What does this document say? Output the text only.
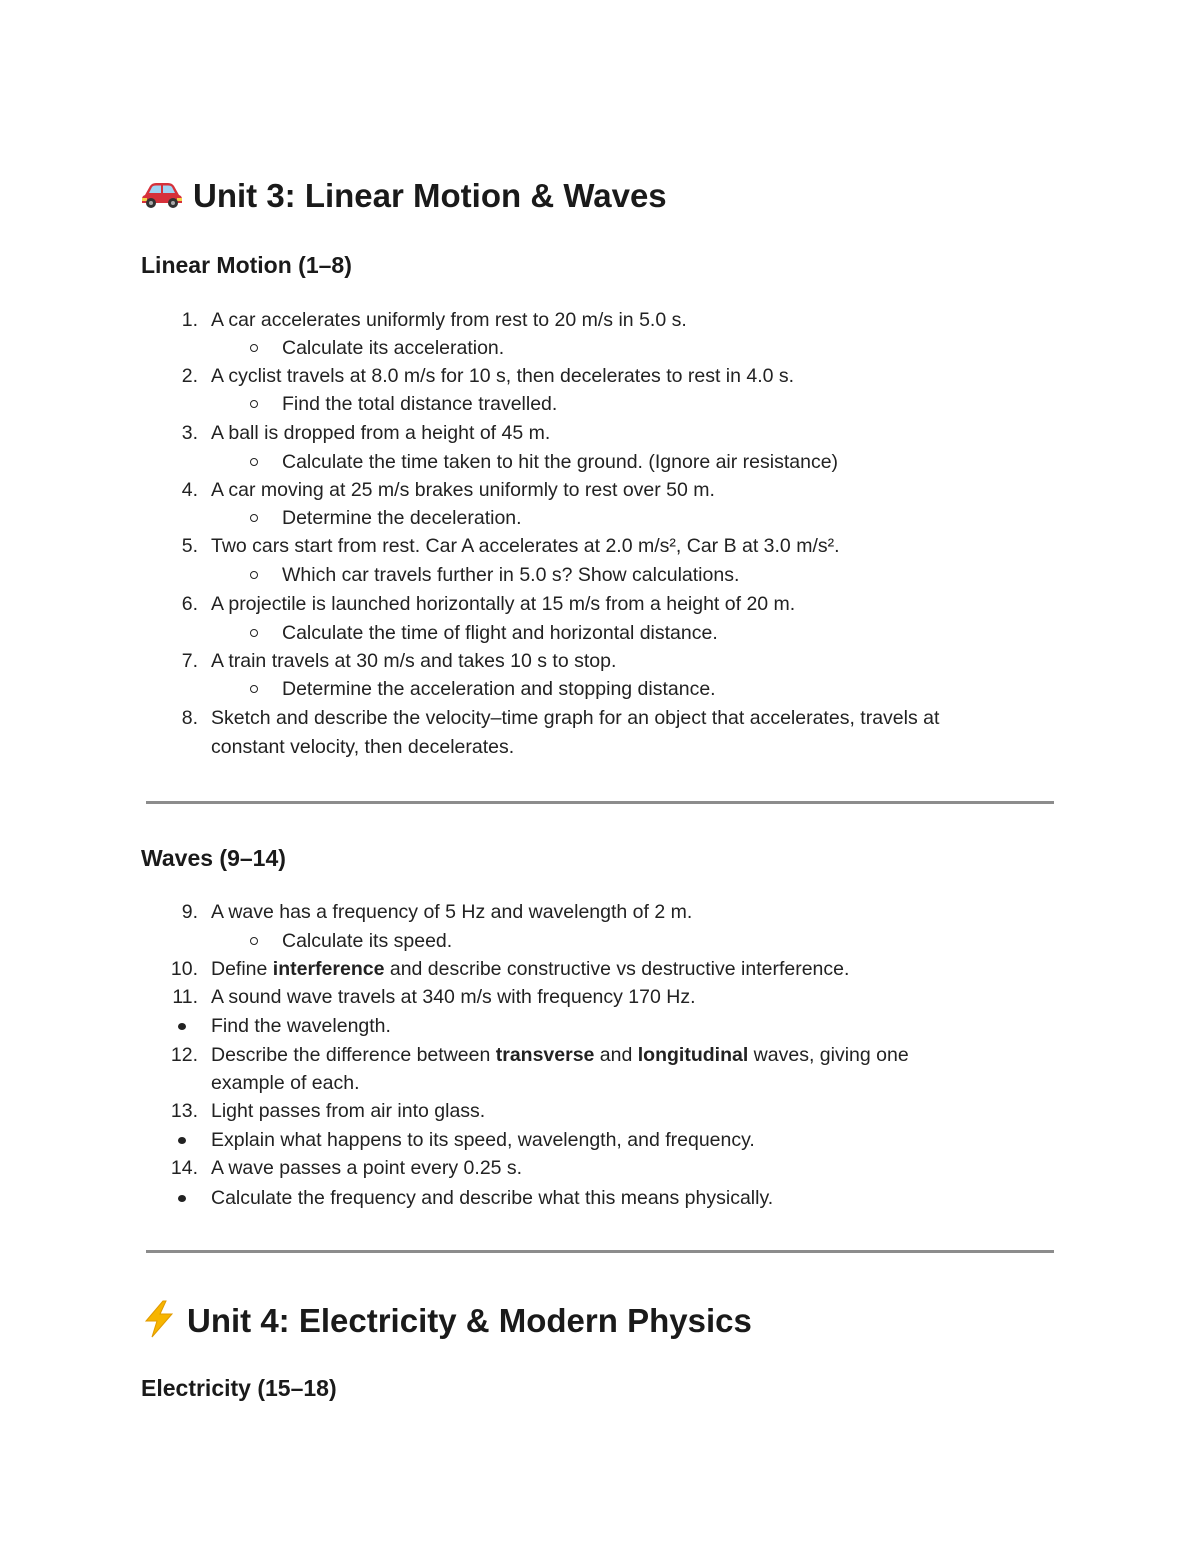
Unit 3: Linear Motion & Waves
Linear Motion (1–8)
1. A car accelerates uniformly from rest to 20 m/s in 5.0 s.
Calculate its acceleration.
2. A cyclist travels at 8.0 m/s for 10 s, then decelerates to rest in 4.0 s.
Find the total distance travelled.
3. A ball is dropped from a height of 45 m.
Calculate the time taken to hit the ground. (Ignore air resistance)
4. A car moving at 25 m/s brakes uniformly to rest over 50 m.
Determine the deceleration.
5. Two cars start from rest. Car A accelerates at 2.0 m/s², Car B at 3.0 m/s².
Which car travels further in 5.0 s? Show calculations.
6. A projectile is launched horizontally at 15 m/s from a height of 20 m.
Calculate the time of flight and horizontal distance.
7. A train travels at 30 m/s and takes 10 s to stop.
Determine the acceleration and stopping distance.
8. Sketch and describe the velocity–time graph for an object that accelerates, travels at
constant velocity, then decelerates.
Waves (9–14)
9. A wave has a frequency of 5 Hz and wavelength of 2 m.
Calculate its speed.
10. Define interference and describe constructive vs destructive interference.
11. A sound wave travels at 340 m/s with frequency 170 Hz.
Find the wavelength.
12. Describe the difference between transverse and longitudinal waves, giving one
example of each.
13. Light passes from air into glass.
Explain what happens to its speed, wavelength, and frequency.
14. A wave passes a point every 0.25 s.
Calculate the frequency and describe what this means physically.
Unit 4: Electricity & Modern Physics
Electricity (15–18)
